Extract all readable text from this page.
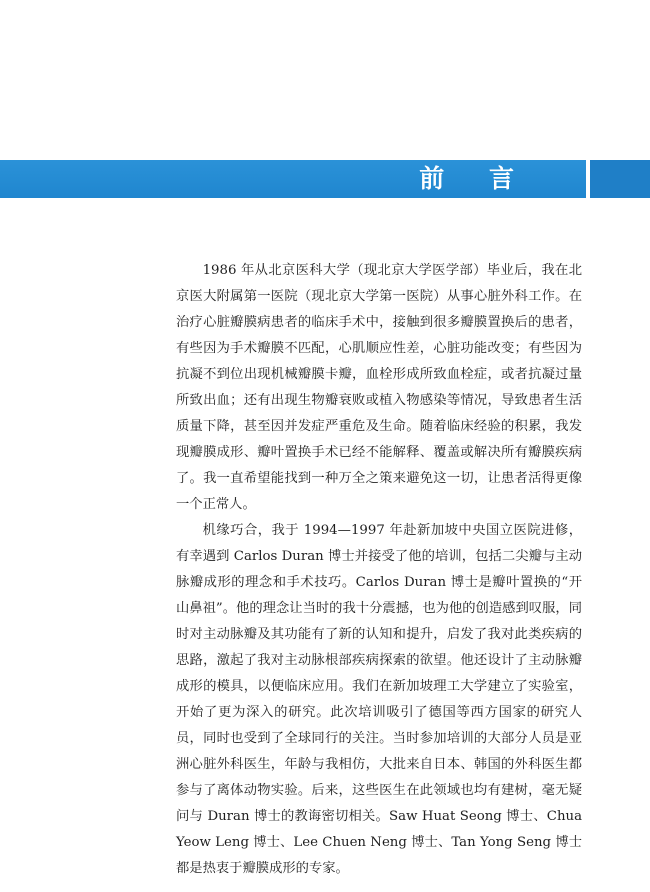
前 言

1986 年从北京医科大学（现北京大学医学部）毕业后，我在北京医大附属第一医院（现北京大学第一医院）从事心脏外科工作。在治疗心脏瓣膜病患者的临床手术中，接触到很多瓣膜置换后的患者，有些因为手术瓣膜不匹配，心肌顺应性差，心脏功能改变；有些因为抗凝不到位出现机械瓣膜卡瓣，血栓形成所致血栓症，或者抗凝过量所致出血；还有出现生物瓣衰败或植入物感染等情况，导致患者生活质量下降，甚至因并发症严重危及生命。随着临床经验的积累，我发现瓣膜成形、瓣叶置换手术已经不能解释、覆盖或解决所有瓣膜疾病了。我一直希望能找到一种万全之策来避免这一切，让患者活得更像一个正常人。

机缘巧合，我于 1994—1997 年赴新加坡中央国立医院进修，有幸遇到 Carlos Duran 博士并接受了他的培训，包括二尖瓣与主动脉瓣成形的理念和手术技巧。Carlos Duran 博士是瓣叶置换的“开山鼻祖”。他的理念让当时的我十分震撼，也为他的创造感到叹服，同时对主动脉瓣及其功能有了新的认知和提升，启发了我对此类疾病的思路，激起了我对主动脉根部疾病探索的欲望。他还设计了主动脉瓣成形的模具，以便临床应用。我们在新加坡理工大学建立了实验室，开始了更为深入的研究。此次培训吸引了德国等西方国家的研究人员，同时也受到了全球同行的关注。当时参加培训的大部分人员是亚洲心脏外科医生，年龄与我相仿，大批来自日本、韩国的外科医生都参与了离体动物实验。后来，这些医生在此领域也均有建树，毫无疑问与 Duran 博士的教诲密切相关。Saw Huat Seong 博士、Chua Yeow Leng 博士、Lee Chuen Neng 博士、Tan Yong Seng 博士都是热衷于瓣膜成形的专家。
